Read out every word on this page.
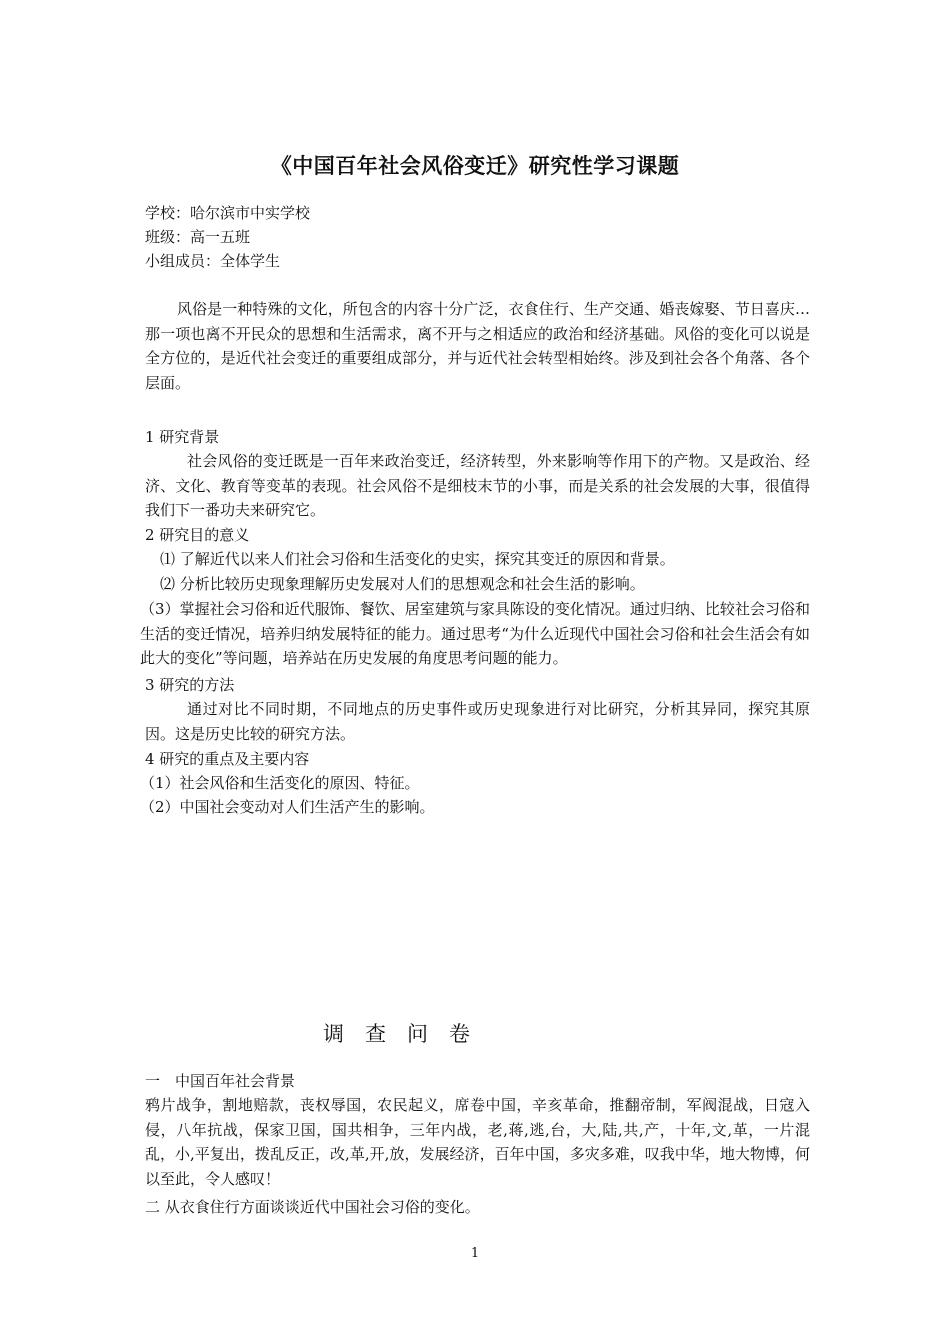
《中国百年社会风俗变迁》研究性学习课题
学校：哈尔滨市中实学校
班级：高一五班
小组成员：全体学生
风俗是一种特殊的文化，所包含的内容十分广泛，衣食住行、生产交通、婚丧嫁娶、节日喜庆…那一项也离不开民众的思想和生活需求，离不开与之相适应的政治和经济基础。风俗的变化可以说是全方位的，是近代社会变迁的重要组成部分，并与近代社会转型相始终。涉及到社会各个角落、各个层面。
1 研究背景
社会风俗的变迁既是一百年来政治变迁，经济转型，外来影响等作用下的产物。又是政治、经济、文化、教育等变革的表现。社会风俗不是细枝末节的小事，而是关系的社会发展的大事，很值得我们下一番功夫来研究它。
2 研究目的意义
⑴ 了解近代以来人们社会习俗和生活变化的史实，探究其变迁的原因和背景。
⑵ 分析比较历史现象理解历史发展对人们的思想观念和社会生活的影响。
（3）掌握社会习俗和近代服饰、餐饮、居室建筑与家具陈设的变化情况。通过归纳、比较社会习俗和生活的变迁情况，培养归纳发展特征的能力。通过思考“为什么近现代中国社会习俗和社会生活会有如此大的变化”等问题，培养站在历史发展的角度思考问题的能力。
3 研究的方法
通过对比不同时期，不同地点的历史事件或历史现象进行对比研究，分析其异同，探究其原因。这是历史比较的研究方法。
4 研究的重点及主要内容
（1）社会风俗和生活变化的原因、特征。
（2）中国社会变动对人们生活产生的影响。
调查问卷
一　中国百年社会背景
鸦片战争，割地赔款，丧权辱国，农民起义，席卷中国，辛亥革命，推翻帝制，军阀混战，日寇入侵，八年抗战，保家卫国，国共相争，三年内战，老,蒋,逃,台，大,陆,共,产，十年,文,革，一片混乱，小,平复出，拨乱反正，改,革,开,放，发展经济，百年中国，多灾多难，叹我中华，地大物博，何以至此，令人感叹！
二 从衣食住行方面谈谈近代中国社会习俗的变化。
1
